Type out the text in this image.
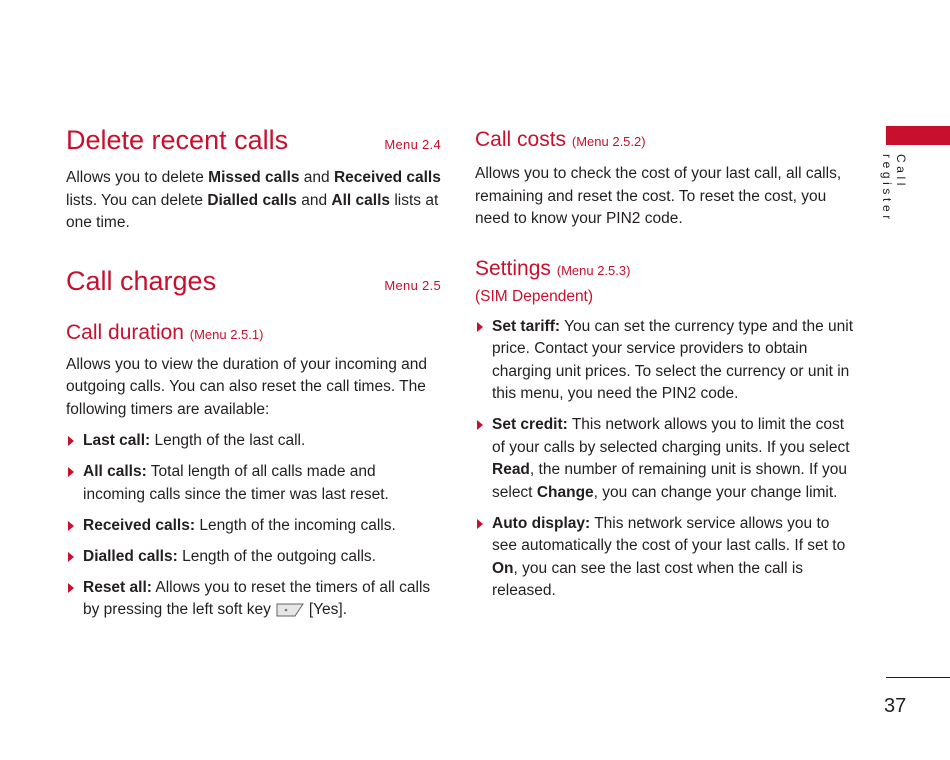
Delete recent calls	Menu 2.4

Allows you to delete Missed calls and Received calls lists. You can delete Dialled calls and All calls lists at one time.

Call charges	Menu 2.5
Call duration (Menu 2.5.1)

Allows you to view the duration of your incoming and outgoing calls. You can also reset the call times. The following timers are available:

Last call: Length of the last call.
All calls: Total length of all calls made and incoming calls since the timer was last reset.
Received calls: Length of the incoming calls.
Dialled calls: Length of the outgoing calls.
Reset all: Allows you to reset the timers of all calls by pressing the left soft key [Yes].
Call costs (Menu 2.5.2)

Allows you to check the cost of your last call, all calls, remaining and reset the cost. To reset the cost, you need to know your PIN2 code.

Settings (Menu 2.5.3)
(SIM Dependent)
Set tariff: You can set the currency type and the unit price. Contact your service providers to obtain charging unit prices. To select the currency or unit in this menu, you need the PIN2 code.
Set credit: This network allows you to limit the cost of your calls by selected charging units. If you select Read, the number of remaining unit is shown. If you select Change, you can change your change limit.
Auto display: This network service allows you to see automatically the cost of your last calls. If set to On, you can see the last cost when the call is released.
Call register
37
